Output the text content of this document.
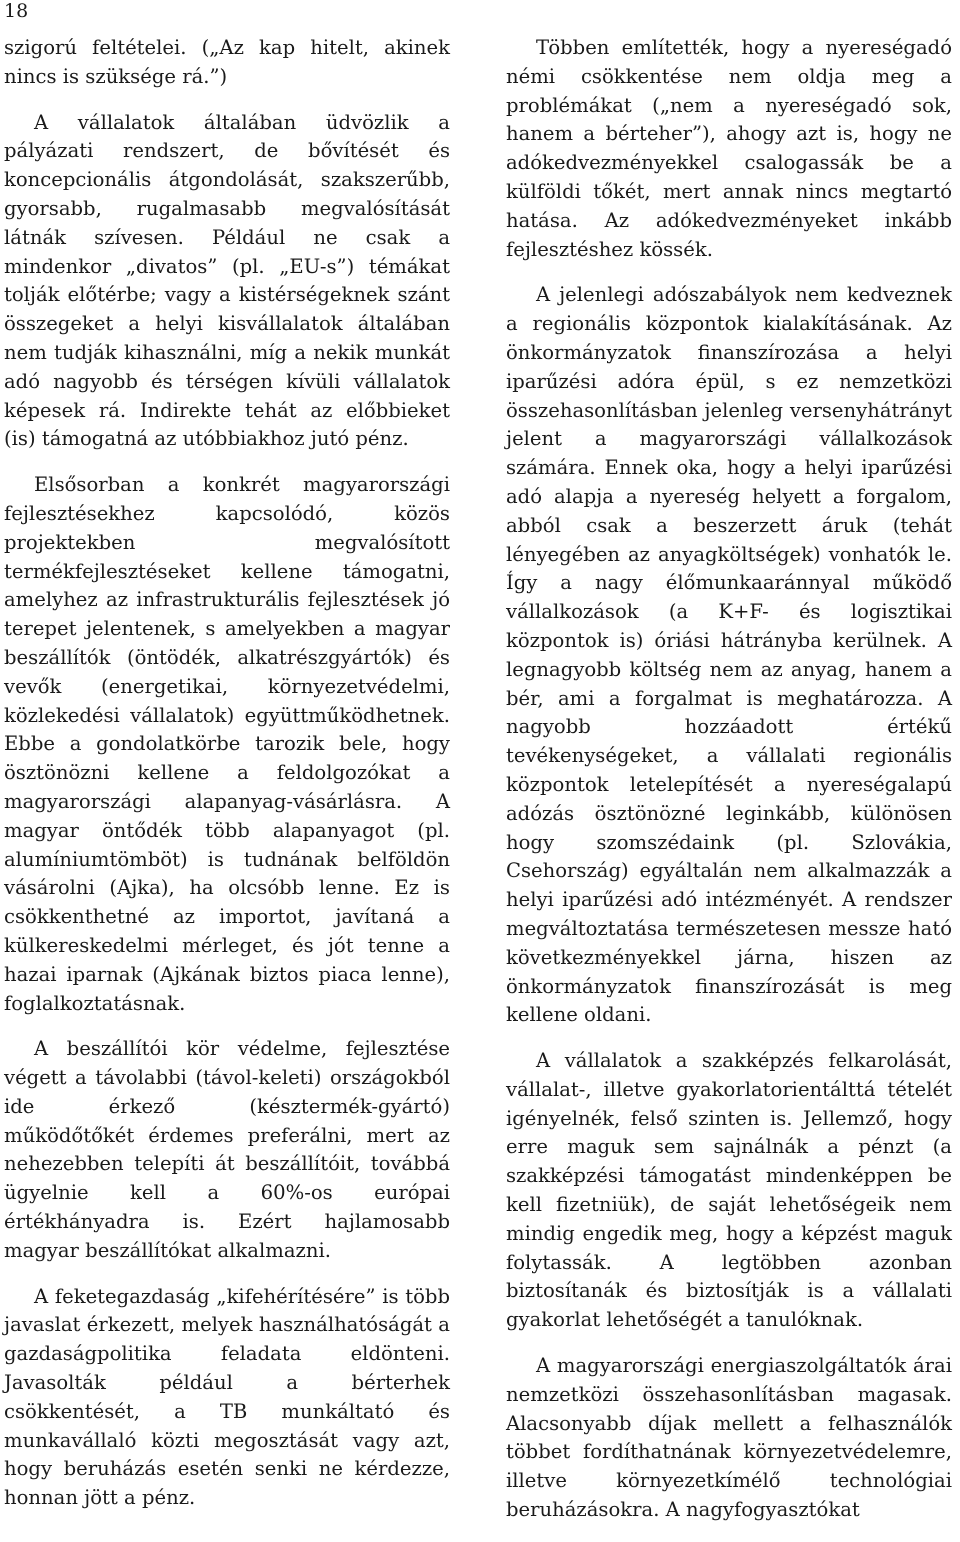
18

szigorú feltételei. („Az kap hitelt, akinek nincs is szüksége rá.”)

A vállalatok általában üdvözlik a pályázati rendszert, de bővítését és koncepcionális átgondolását, szakszerűbb, gyorsabb, rugalmasabb megvalósítását látnák szívesen. Például ne csak a mindenkor „divatos” (pl. „EU-s”) témákat tolják előtérbe; vagy a kistérségeknek szánt összegeket a helyi kisvállalatok általában nem tudják kihasználni, míg a nekik munkát adó nagyobb és térségen kívüli vállalatok képesek rá. Indirekte tehát az előbbieket (is) támogatná az utóbbiakhoz jutó pénz.

Elsősorban a konkrét magyarországi fejlesztésekhez kapcsolódó, közös projektekben megvalósított termékfejlesztéseket kellene támogatni, amelyhez az infrastrukturális fejlesztések jó terepet jelentenek, s amelyekben a magyar beszállítók (öntödék, alkatrészgyártók) és vevők (energetikai, környezetvédelmi, közlekedési vállalatok) együttműködhetnek. Ebbe a gondolatkörbe tarozik bele, hogy ösztönözni kellene a feldolgozókat a magyarországi alapanyag-vásárlásra. A magyar öntődék több alapanyagot (pl. alumíniumtömböt) is tudnának belföldön vásárolni (Ajka), ha olcsóbb lenne. Ez is csökkenthetné az importot, javítaná a külkereskedelmi mérleget, és jót tenne a hazai iparnak (Ajkának biztos piaca lenne), foglalkoztatásnak.

A beszállítói kör védelme, fejlesztése végett a távolabbi (távol-keleti) országokból ide érkező (késztermék-gyártó) működőtőkét érdemes preferálni, mert az nehezebben telepíti át beszállítóit, továbbá ügyelnie kell a 60%-os európai értékhányadra is. Ezért hajlamosabb magyar beszállítókat alkalmazni.

A feketegazdaság „kifehérítésére” is több javaslat érkezett, melyek használhatóságát a gazdaságpolitika feladata eldönteni. Javasolták például a bérterhek csökkentését, a TB munkáltató és munkavállaló közti megosztását vagy azt, hogy beruházás esetén senki ne kérdezze, honnan jött a pénz.

Többen említették, hogy a nyereségadó némi csökkentése nem oldja meg a problémákat („nem a nyereségadó sok, hanem a bérteher”), ahogy azt is, hogy ne adókedvezményekkel csalogassák be a külföldi tőkét, mert annak nincs megtartó hatása. Az adókedvezményeket inkább fejlesztéshez kössék.

A jelenlegi adószabályok nem kedveznek a regionális központok kialakításának. Az önkormányzatok finanszírozása a helyi iparűzési adóra épül, s ez nemzetközi összehasonlításban jelenleg versenyhátrányt jelent a magyarországi vállalkozások számára. Ennek oka, hogy a helyi iparűzési adó alapja a nyereség helyett a forgalom, abból csak a beszerzett áruk (tehát lényegében az anyagköltségek) vonhatók le. Így a nagy élőmunkaaránnyal működő vállalkozások (a K+F- és logisztikai központok is) óriási hátrányba kerülnek. A legnagyobb költség nem az anyag, hanem a bér, ami a forgalmat is meghatározza. A nagyobb hozzáadott értékű tevékenységeket, a vállalati regionális központok letelepítését a nyereségalapú adózás ösztönözné leginkább, különösen hogy szomszédaink (pl. Szlovákia, Csehország) egyáltalán nem alkalmazzák a helyi iparűzési adó intézményét. A rendszer megváltoztatása természetesen messze ható következményekkel járna, hiszen az önkormányzatok finanszírozását is meg kellene oldani.

A vállalatok a szakképzés felkarolását, vállalat-, illetve gyakorlatorientálttá tételét igényelnék, felső szinten is. Jellemző, hogy erre maguk sem sajnálnák a pénzt (a szakképzési támogatást mindenképpen be kell fizetniük), de saját lehetőségeik nem mindig engedik meg, hogy a képzést maguk folytassák. A legtöbben azonban biztosítanák és biztosítják is a vállalati gyakorlat lehetőségét a tanulóknak.

A magyarországi energiaszolgáltatók árai nemzetközi összehasonlításban magasak. Alacsonyabb díjak mellett a felhasználók többet fordíthatnának környezetvédelemre, illetve környezetkímélő technológiai beruházásokra. A nagyfogyasztókat
